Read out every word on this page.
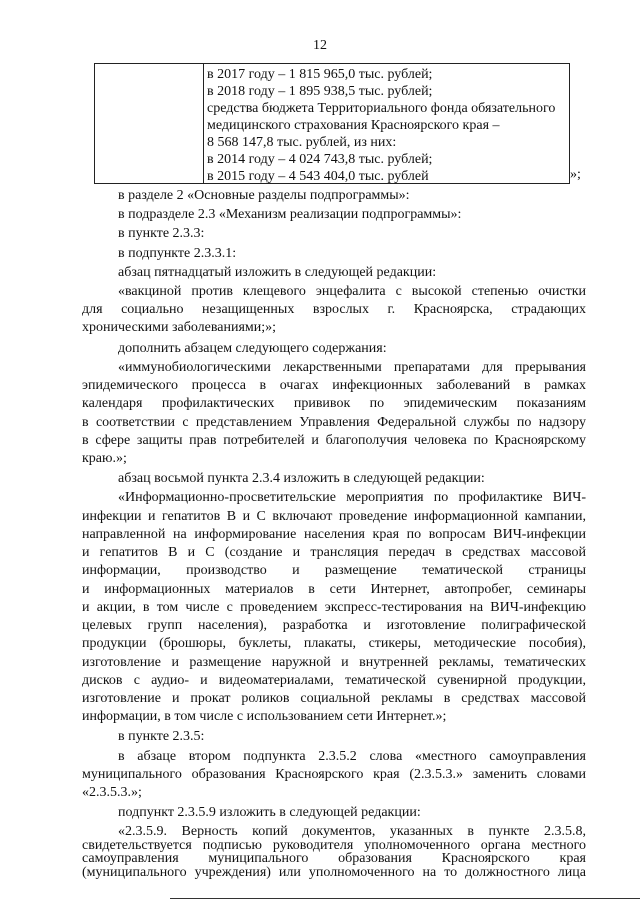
12
в 2017 году – 1 815 965,0 тыс. рублей;
в 2018 году – 1 895 938,5 тыс. рублей;
средства бюджета Территориального фонда обязательного
медицинского страхования Красноярского края –
8 568 147,8 тыс. рублей, из них:
в 2014 году – 4 024 743,8 тыс. рублей;
в 2015 году – 4 543 404,0 тыс. рублей	»;
в разделе 2 «Основные разделы подпрограммы»:
в подразделе 2.3 «Механизм реализации подпрограммы»:
в пункте 2.3.3:
в подпункте 2.3.3.1:
абзац пятнадцатый изложить в следующей редакции:
«вакциной против клещевого энцефалита с высокой степенью очистки
для социально незащищенных взрослых г. Красноярска, страдающих
хроническими заболеваниями;»;
дополнить абзацем следующего содержания:
«иммунобиологическими лекарственными препаратами для прерывания
эпидемического процесса в очагах инфекционных заболеваний в рамках
календаря профилактических прививок по эпидемическим показаниям
в соответствии с представлением Управления Федеральной службы по надзору
в сфере защиты прав потребителей и благополучия человека по Красноярскому
краю.»;
абзац восьмой пункта 2.3.4 изложить в следующей редакции:
«Информационно-просветительские мероприятия по профилактике ВИЧ-
инфекции и гепатитов В и С включают проведение информационной кампании,
направленной на информирование населения края по вопросам ВИЧ-инфекции
и гепатитов В и С (создание и трансляция передач в средствах массовой
информации, производство и размещение тематической страницы
и информационных материалов в сети Интернет, автопробег, семинары
и акции, в том числе с проведением экспресс-тестирования на ВИЧ-инфекцию
целевых групп населения), разработка и изготовление полиграфической
продукции (брошюры, буклеты, плакаты, стикеры, методические пособия),
изготовление и размещение наружной и внутренней рекламы, тематических
дисков с аудио- и видеоматериалами, тематической сувенирной продукции,
изготовление и прокат роликов социальной рекламы в средствах массовой
информации, в том числе с использованием сети Интернет.»;
в пункте 2.3.5:
в абзаце втором подпункта 2.3.5.2 слова «местного самоуправления
муниципального образования Красноярского края (2.3.5.3.» заменить словами
«2.3.5.3.»;
подпункт 2.3.5.9 изложить в следующей редакции:
«2.3.5.9. Верность копий документов, указанных в пункте 2.3.5.8,
свидетельствуется подписью руководителя уполномоченного органа местного
самоуправления муниципального образования Красноярского края
(муниципального учреждения) или уполномоченного на то должностного лица
